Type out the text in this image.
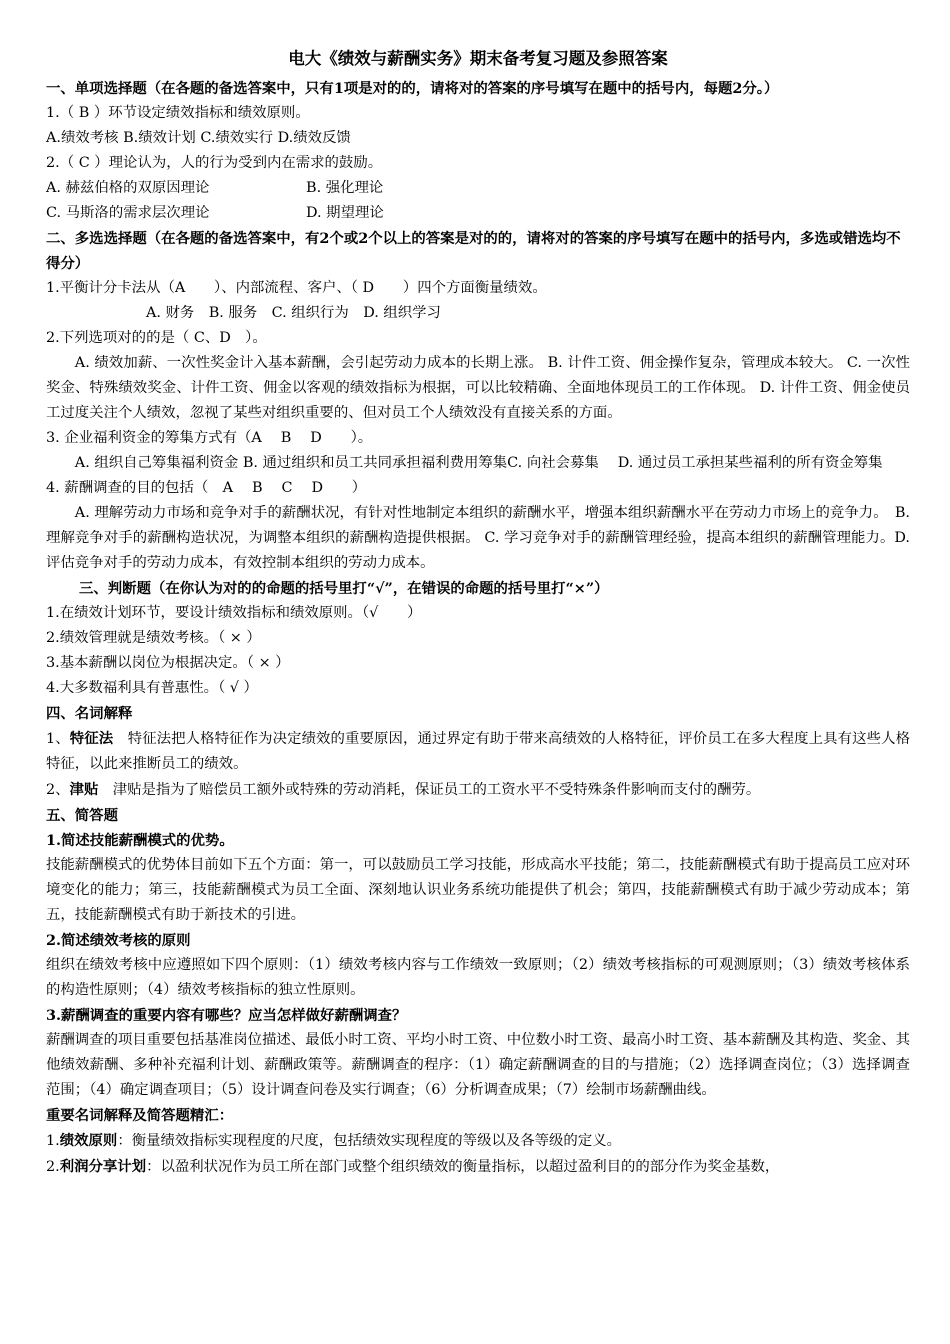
电大《绩效与薪酬实务》期末备考复习题及参照答案

一、单项选择题（在各题的备选答案中，只有1项是对的的，请将对的答案的序号填写在题中的括号内，每题2分。）

1.（ B ）环节设定绩效指标和绩效原则。

A.绩效考核 B.绩效计划 C.绩效实行 D.绩效反馈

2.（ C ）理论认为，人的行为受到内在需求的鼓励。

A. 赫兹伯格的双原因理论	B. 强化理论
C. 马斯洛的需求层次理论	D. 期望理论

二、多选选择题（在各题的备选答案中，有2个或2个以上的答案是对的的，请将对的答案的序号填写在题中的括号内，多选或错选均不得分）

1.平衡计分卡法从（A　　）、内部流程、客户、（ D　　）四个方面衡量绩效。

A. 财务　B. 服务　C. 组织行为　D. 组织学习

2.下列选项对的的是（ C、D　）。

A. 绩效加薪、一次性奖金计入基本薪酬，会引起劳动力成本的长期上涨。 B. 计件工资、佣金操作复杂，管理成本较大。 C. 一次性奖金、特殊绩效奖金、计件工资、佣金以客观的绩效指标为根据，可以比较精确、全面地体现员工的工作体现。 D. 计件工资、佣金使员工过度关注个人绩效，忽视了某些对组织重要的、但对员工个人绩效没有直接关系的方面。

3. 企业福利资金的筹集方式有（A　 B　 D　　）。

A. 组织自己筹集福利资金 B. 通过组织和员工共同承担福利费用筹集C. 向社会募集　 D. 通过员工承担某些福利的所有资金筹集

4. 薪酬调查的目的包括（　A　 B　 C　 D　　）

A. 理解劳动力市场和竞争对手的薪酬状况，有针对性地制定本组织的薪酬水平，增强本组织薪酬水平在劳动力市场上的竞争力。　B. 理解竞争对手的薪酬构造状况，为调整本组织的薪酬构造提供根据。 C. 学习竞争对手的薪酬管理经验，提高本组织的薪酬管理能力。D. 评估竞争对手的劳动力成本，有效控制本组织的劳动力成本。

三、判断题（在你认为对的的命题的括号里打“√”，在错误的命题的括号里打“×”）

1.在绩效计划环节，要设计绩效指标和绩效原则。（√　　）

2.绩效管理就是绩效考核。（ × ）

3.基本薪酬以岗位为根据决定。（ × ）

4.大多数福利具有普惠性。（ √ ）

四、名词解释

1、特征法　特征法把人格特征作为决定绩效的重要原因，通过界定有助于带来高绩效的人格特征，评价员工在多大程度上具有这些人格特征，以此来推断员工的绩效。

2、津贴　津贴是指为了赔偿员工额外或特殊的劳动消耗，保证员工的工资水平不受特殊条件影响而支付的酬劳。

五、简答题

1.简述技能薪酬模式的优势。

技能薪酬模式的优势体目前如下五个方面：第一，可以鼓励员工学习技能，形成高水平技能；第二，技能薪酬模式有助于提高员工应对环境变化的能力；第三，技能薪酬模式为员工全面、深刻地认识业务系统功能提供了机会；第四，技能薪酬模式有助于减少劳动成本；第五，技能薪酬模式有助于新技术的引进。

2.简述绩效考核的原则

组织在绩效考核中应遵照如下四个原则：（1）绩效考核内容与工作绩效一致原则；（2）绩效考核指标的可观测原则；（3）绩效考核体系的构造性原则；（4）绩效考核指标的独立性原则。

3.薪酬调查的重要内容有哪些？应当怎样做好薪酬调查？

薪酬调查的项目重要包括基准岗位描述、最低小时工资、平均小时工资、中位数小时工资、最高小时工资、基本薪酬及其构造、奖金、其他绩效薪酬、多种补充福利计划、薪酬政策等。薪酬调查的程序：（1）确定薪酬调查的目的与措施；（2）选择调查岗位；（3）选择调查范围；（4）确定调查项目；（5）设计调查问卷及实行调查；（6）分析调查成果；（7）绘制市场薪酬曲线。

重要名词解释及简答题精汇：

1.绩效原则：衡量绩效指标实现程度的尺度，包括绩效实现程度的等级以及各等级的定义。

2.利润分享计划：以盈利状况作为员工所在部门或整个组织绩效的衡量指标，以超过盈利目的的部分作为奖金基数，
